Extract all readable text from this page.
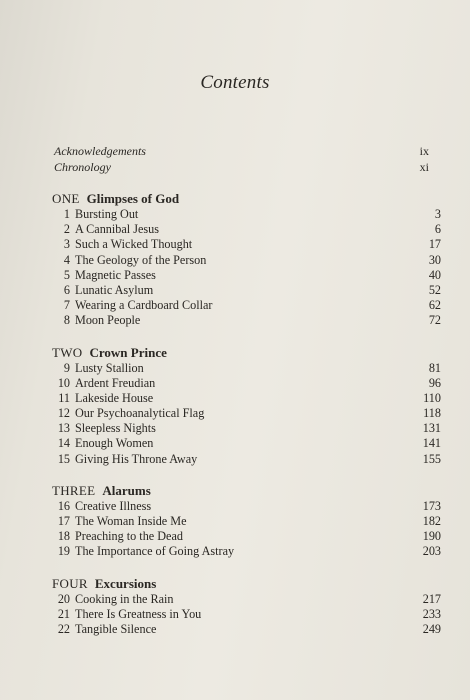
Contents
Acknowledgements	ix
Chronology	xi
ONE Glimpses of God
1 Bursting Out	3
2 A Cannibal Jesus	6
3 Such a Wicked Thought	17
4 The Geology of the Person	30
5 Magnetic Passes	40
6 Lunatic Asylum	52
7 Wearing a Cardboard Collar	62
8 Moon People	72
TWO Crown Prince
9 Lusty Stallion	81
10 Ardent Freudian	96
11 Lakeside House	110
12 Our Psychoanalytical Flag	118
13 Sleepless Nights	131
14 Enough Women	141
15 Giving His Throne Away	155
THREE Alarums
16 Creative Illness	173
17 The Woman Inside Me	182
18 Preaching to the Dead	190
19 The Importance of Going Astray	203
FOUR Excursions
20 Cooking in the Rain	217
21 There Is Greatness in You	233
22 Tangible Silence	249
